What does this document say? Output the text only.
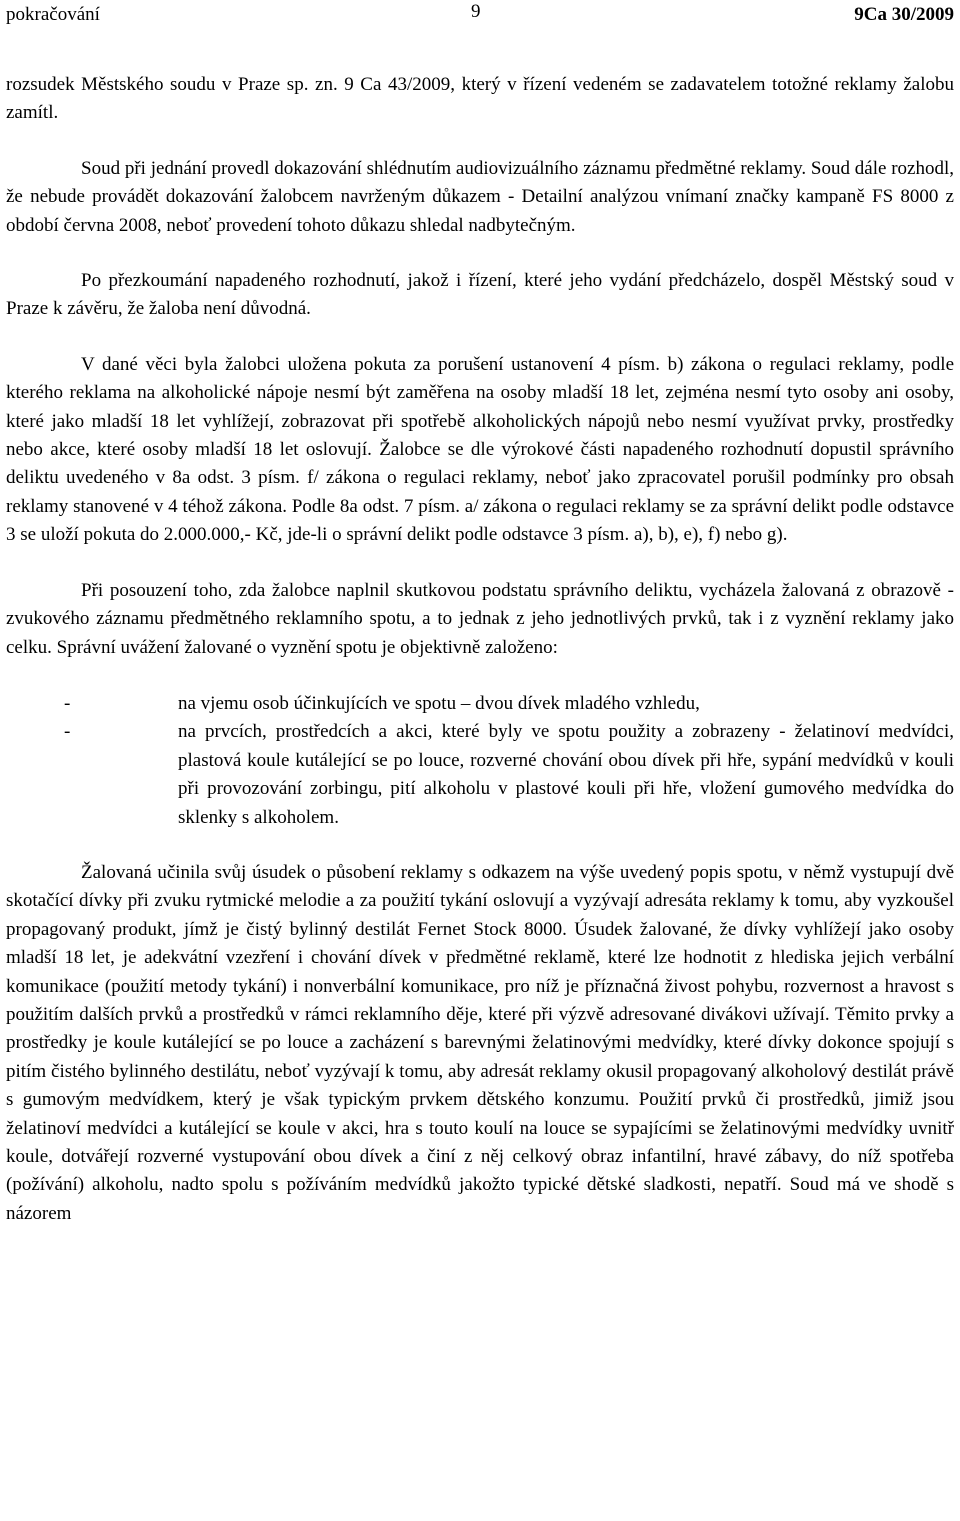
pokračování	9	9Ca 30/2009

rozsudek Městského soudu v Praze sp. zn. 9 Ca 43/2009, který v řízení vedeném se zadavatelem totožné reklamy žalobu zamítl.

Soud při jednání provedl dokazování shlédnutím audiovizuálního záznamu předmětné reklamy. Soud dále rozhodl, že nebude provádět dokazování žalobcem navrženým důkazem - Detailní analýzou vnímaní značky kampaně FS 8000 z období června 2008, neboť provedení tohoto důkazu shledal nadbytečným.

Po přezkoumání napadeného rozhodnutí, jakož i řízení, které jeho vydání předcházelo, dospěl Městský soud v Praze k závěru, že žaloba není důvodná.

V dané věci byla žalobci uložena pokuta za porušení ustanovení 4 písm. b) zákona o regulaci reklamy, podle kterého reklama na alkoholické nápoje nesmí být zaměřena na osoby mladší 18 let, zejména nesmí tyto osoby ani osoby, které jako mladší 18 let vyhlížejí, zobrazovat při spotřebě alkoholických nápojů nebo nesmí využívat prvky, prostředky nebo akce, které osoby mladší 18 let oslovují. Žalobce se dle výrokové části napadeného rozhodnutí dopustil správního deliktu uvedeného v 8a odst. 3 písm. f/ zákona o regulaci reklamy, neboť jako zpracovatel porušil podmínky pro obsah reklamy stanovené v 4 téhož zákona. Podle 8a odst. 7 písm. a/ zákona o regulaci reklamy se za správní delikt podle odstavce 3 se uloží pokuta do 2.000.000,- Kč, jde-li o správní delikt podle odstavce 3 písm. a), b), e), f) nebo g).

Při posouzení toho, zda žalobce naplnil skutkovou podstatu správního deliktu, vycházela žalovaná z obrazově - zvukového záznamu předmětného reklamního spotu, a to jednak z jeho jednotlivých prvků, tak i z vyznění reklamy jako celku. Správní uvážení žalované o vyznění spotu je objektivně založeno:

-	na vjemu osob účinkujících ve spotu – dvou dívek mladého vzhledu,
-	na prvcích, prostředcích a akci, které byly ve spotu použity a zobrazeny - želatinoví medvídci, plastová koule kutálející se po louce, rozverné chování obou dívek při hře, sypání medvídků v kouli při provozování zorbingu, pití alkoholu v plastové kouli při hře, vložení gumového medvídka do sklenky s alkoholem.

Žalovaná učinila svůj úsudek o působení reklamy s odkazem na výše uvedený popis spotu, v němž vystupují dvě skotačící dívky při zvuku rytmické melodie a za použití tykání oslovují a vyzývají adresáta reklamy k tomu, aby vyzkoušel propagovaný produkt, jímž je čistý bylinný destilát Fernet Stock 8000. Úsudek žalované, že dívky vyhlížejí jako osoby mladší 18 let, je adekvátní vzezření i chování dívek v předmětné reklamě, které lze hodnotit z hlediska jejich verbální komunikace (použití metody tykání) i nonverbální komunikace, pro níž je příznačná živost pohybu, rozvernost a hravost s použitím dalších prvků a prostředků v rámci reklamního děje, které při výzvě adresované divákovi užívají. Těmito prvky a prostředky je koule kutálející se po louce a zacházení s barevnými želatinovými medvídky, které dívky dokonce spojují s pitím čistého bylinného destilátu, neboť vyzývají k tomu, aby adresát reklamy okusil propagovaný alkoholový destilát právě s gumovým medvídkem, který je však typickým prvkem dětského konzumu. Použití prvků či prostředků, jimiž jsou želatinoví medvídci a kutálející se koule v akci, hra s touto koulí na louce se sypajícími se želatinovými medvídky uvnitř koule, dotvářejí rozverné vystupování obou dívek a činí z něj celkový obraz infantilní, hravé zábavy, do níž spotřeba (požívání) alkoholu, nadto spolu s požíváním medvídků jakožto typické dětské sladkosti, nepatří. Soud má ve shodě s názorem
